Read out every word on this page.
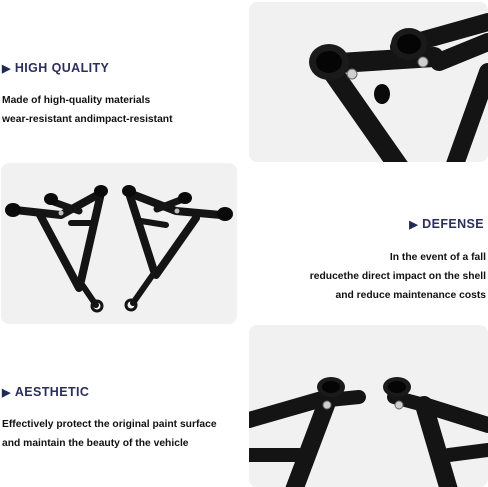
▶ HIGH QUALITY
Made of high-quality materials
wear-resistant andimpact-resistant
▶ DEFENSE
In the event of a fall
reducethe direct impact on the shell
and reduce maintenance costs
▶ AESTHETIC
Effectively protect the original paint surface
and maintain the beauty of the vehicle
